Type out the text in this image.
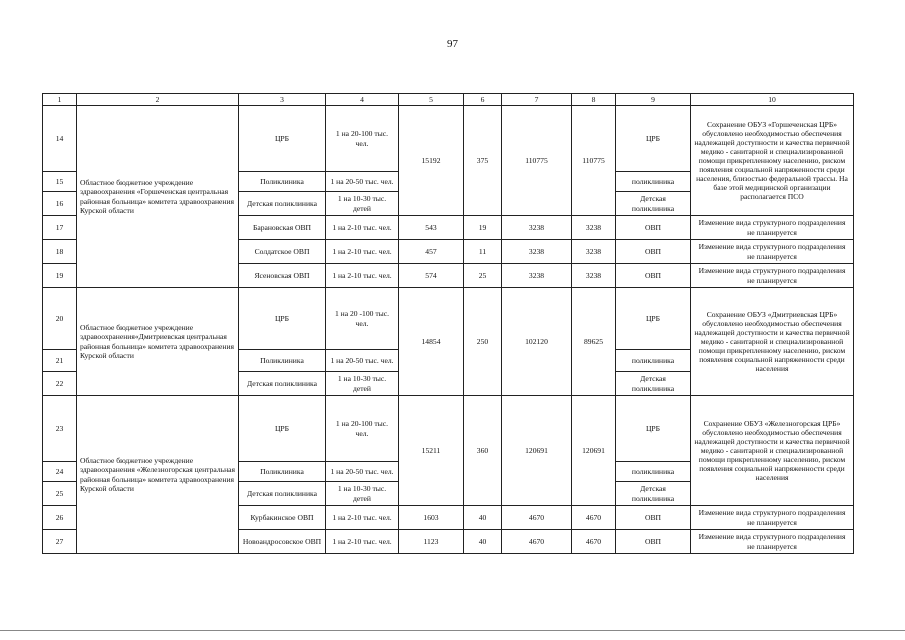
97
1	2	3	4	5	6	7	8	9	10
14	Областное бюджетное учреждение здравоохранения «Горшеченская центральная районная больница» комитета здравоохранения Курской области	ЦРБ	1 на 20-100 тыс. чел.	15192	375	110775	110775	ЦРБ	Сохранение ОБУЗ «Горшеченская ЦРБ» обусловлено необходимостью обеспечения надлежащей доступности и качества первичной медико - санитарной и специализированной помощи прикрепленному населению, риском появления социальной напряженности среди населения, близостью федеральной трассы. На базе этой медицинской организации располагается ПСО
15		Поликлиника	1 на 20-50 тыс. чел.					поликлиника	
16		Детская поликлиника	1 на 10-30 тыс. детей					Детская поликлиника	
17		Барановская ОВП	1 на 2-10 тыс. чел.	543	19	3238	3238	ОВП	Изменение вида структурного подразделения не планируется
18		Солдатское ОВП	1 на 2-10 тыс. чел.	457	11	3238	3238	ОВП	Изменение вида структурного подразделения не планируется
19		Ясеновская ОВП	1 на 2-10 тыс. чел.	574	25	3238	3238	ОВП	Изменение вида структурного подразделения не планируется
20	Областное бюджетное учреждение здравоохранения«Дмитриевская центральная районная больница» комитета здравоохранения Курской области	ЦРБ	1 на 20 -100 тыс. чел.	14854	250	102120	89625	ЦРБ	Сохранение ОБУЗ «Дмитриевская ЦРБ» обусловлено необходимостью обеспечения надлежащей доступности и качества первичной медико - санитарной и специализированной помощи прикрепленному населению, риском появления социальной напряженности среди населения
21		Поликлиника	1 на 20-50 тыс. чел.					поликлиника	
22		Детская поликлиника	1 на 10-30 тыс. детей					Детская поликлиника	
23	Областное бюджетное учреждение здравоохранения «Железногорская центральная районная больница» комитета здравоохранения Курской области	ЦРБ	1 на 20-100 тыс. чел.	15211	360	120691	120691	ЦРБ	Сохранение ОБУЗ «Железногорская ЦРБ» обусловлено необходимостью обеспечения надлежащей доступности и качества первичной медико - санитарной и специализированной помощи прикрепленному населению, риском появления социальной напряженности среди населения
24		Поликлиника	1 на 20-50 тыс. чел.					поликлиника	
25		Детская поликлиника	1 на 10-30 тыс. детей					Детская поликлиника	
26		Курбакинское ОВП	1 на 2-10 тыс. чел.	1603	40	4670	4670	ОВП	Изменение вида структурного подразделения не планируется
27		Новоандросовское ОВП	1 на 2-10 тыс. чел.	1123	40	4670	4670	ОВП	Изменение вида структурного подразделения не планируется
